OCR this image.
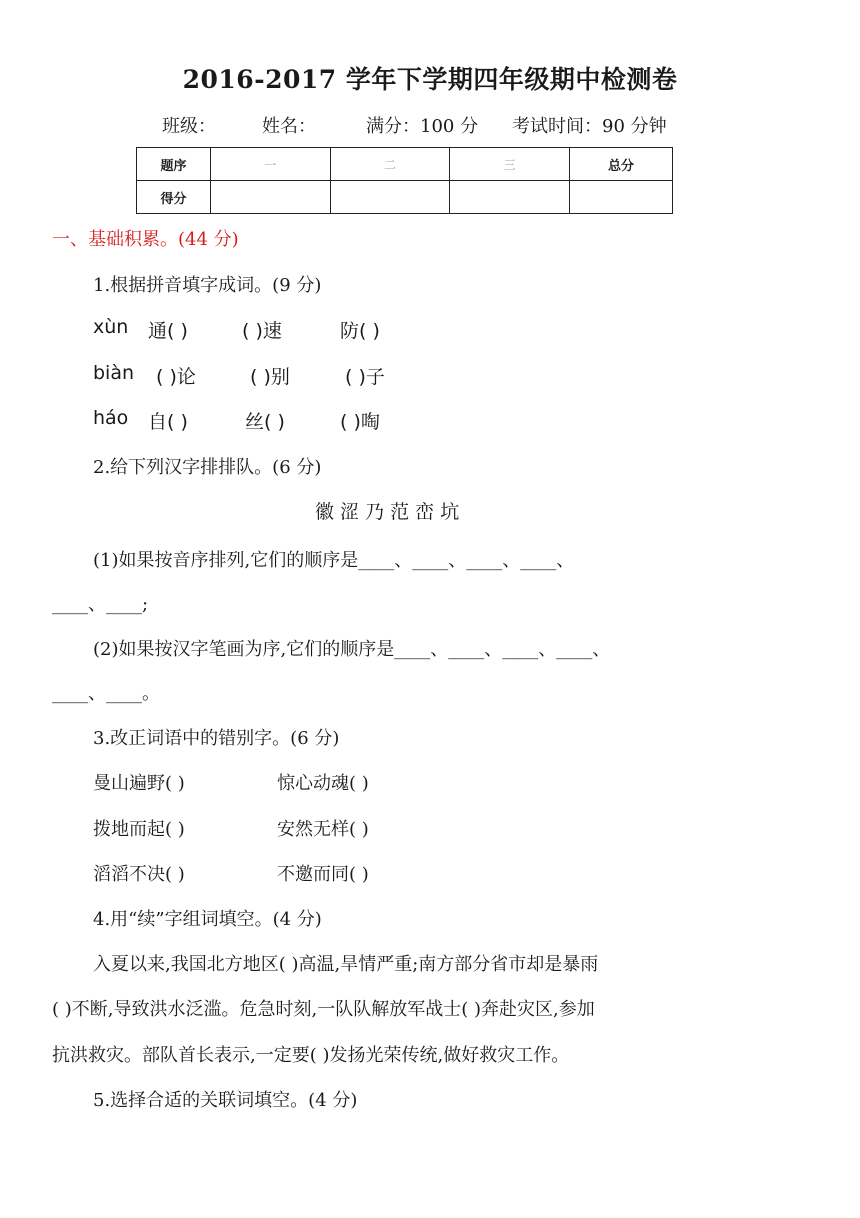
2016-2017 学年下学期四年级期中检测卷
班级：	姓名：	满分：100 分 考试时间：90 分钟
题序	一	二	三	总分
得分				
一、基础积累。(44 分)
1.根据拼音填字成词。(9 分)
xùn 通( )	( )速	防( )
biàn ( )论	( )别	( )子
háo 自( )	丝( )	( )啕
2.给下列汉字排排队。(6 分)
徽 涩 乃 范 峦 坑
(1)如果按音序排列,它们的顺序是____、____、____、____、
____、____;
(2)如果按汉字笔画为序,它们的顺序是____、____、____、____、
____、____。
3.改正词语中的错别字。(6 分)
曼山遍野( )	惊心动魂( )
拨地而起( )	安然无样( )
滔滔不决( )	不邀而同( )
4.用“续”字组词填空。(4 分)
入夏以来,我国北方地区( )高温,旱情严重;南方部分省市却是暴雨
( )不断,导致洪水泛滥。危急时刻,一队队解放军战士( )奔赴灾区,参加
抗洪救灾。部队首长表示,一定要( )发扬光荣传统,做好救灾工作。
5.选择合适的关联词填空。(4 分)
